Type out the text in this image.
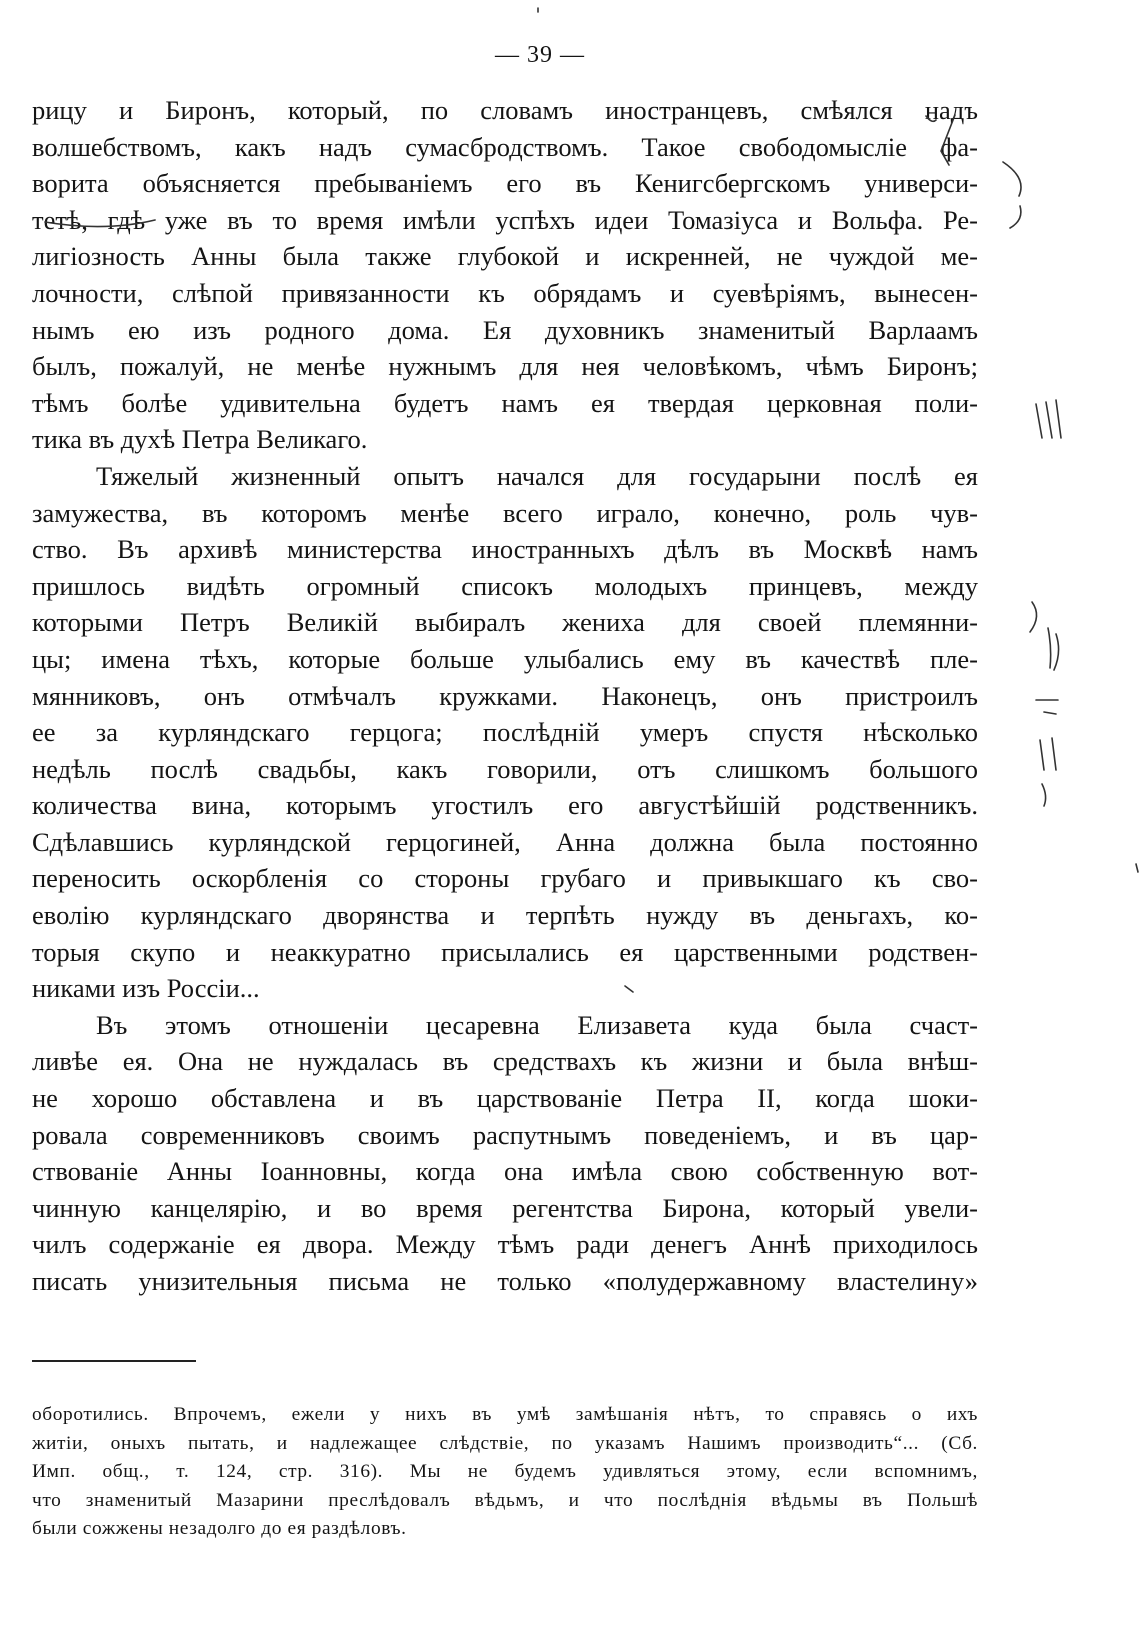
— 39 —
рицу и Биронъ, который, по словамъ иностранцевъ, смѣялся надъ
волшебствомъ, какъ надъ сумасбродствомъ. Такое свободомысліе фа-
ворита объясняется пребываніемъ его въ Кенигсбергскомъ универси-
тетѣ, гдѣ уже въ то время имѣли успѣхъ идеи Томазіуса и Вольфа. Ре-
лигіозность Анны была также глубокой и искренней, не чуждой ме-
лочности, слѣпой привязанности къ обрядамъ и суевѣріямъ, вынесен-
нымъ ею изъ родного дома. Ея духовникъ знаменитый Варлаамъ
былъ, пожалуй, не менѣе нужнымъ для нея человѣкомъ, чѣмъ Биронъ;
тѣмъ болѣе удивительна будетъ намъ ея твердая церковная поли-
тика въ духѣ Петра Великаго.
Тяжелый жизненный опытъ начался для государыни послѣ ея
замужества, въ которомъ менѣе всего играло, конечно, роль чув-
ство. Въ архивѣ министерства иностранныхъ дѣлъ въ Москвѣ намъ
пришлось видѣть огромный списокъ молодыхъ принцевъ, между
которыми Петръ Великій выбиралъ жениха для своей племянни-
цы; имена тѣхъ, которые больше улыбались ему въ качествѣ пле-
мянниковъ, онъ отмѣчалъ кружками. Наконецъ, онъ пристроилъ
ее за курляндскаго герцога; послѣдній умеръ спустя нѣсколько
недѣль послѣ свадьбы, какъ говорили, отъ слишкомъ большого
количества вина, которымъ угостилъ его августѣйшій родственникъ.
Сдѣлавшись курляндской герцогиней, Анна должна была постоянно
переносить оскорбленія со стороны грубаго и привыкшаго къ сво-
еволію курляндскаго дворянства и терпѣть нужду въ деньгахъ, ко-
торыя скупо и неаккуратно присылались ея царственными родствен-
никами изъ Россіи...
Въ этомъ отношеніи цесаревна Елизавета куда была счаст-
ливѣе ея. Она не нуждалась въ средствахъ къ жизни и была внѣш-
не хорошо обставлена и въ царствованіе Петра II, когда шоки-
ровала современниковъ своимъ распутнымъ поведеніемъ, и въ цар-
ствованіе Анны Іоанновны, когда она имѣла свою собственную вот-
чинную канцелярію, и во время регентства Бирона, который увели-
чилъ содержаніе ея двора. Между тѣмъ ради денегъ Аннѣ приходилось
писать унизительныя письма не только «полудержавному властелину»
оборотились. Впрочемъ, ежели у нихъ въ умѣ замѣшанія нѣтъ, то справясь о ихъ
житіи, оныхъ пытать, и надлежащее слѣдствіе, по указамъ Нашимъ производить“... (Сб.
Имп. общ., т. 124, стр. 316). Мы не будемъ удивляться этому, если вспомнимъ,
что знаменитый Мазарини преслѣдовалъ вѣдьмъ, и что послѣднія вѣдьмы въ Польшѣ
были сожжены незадолго до ея раздѣловъ.
